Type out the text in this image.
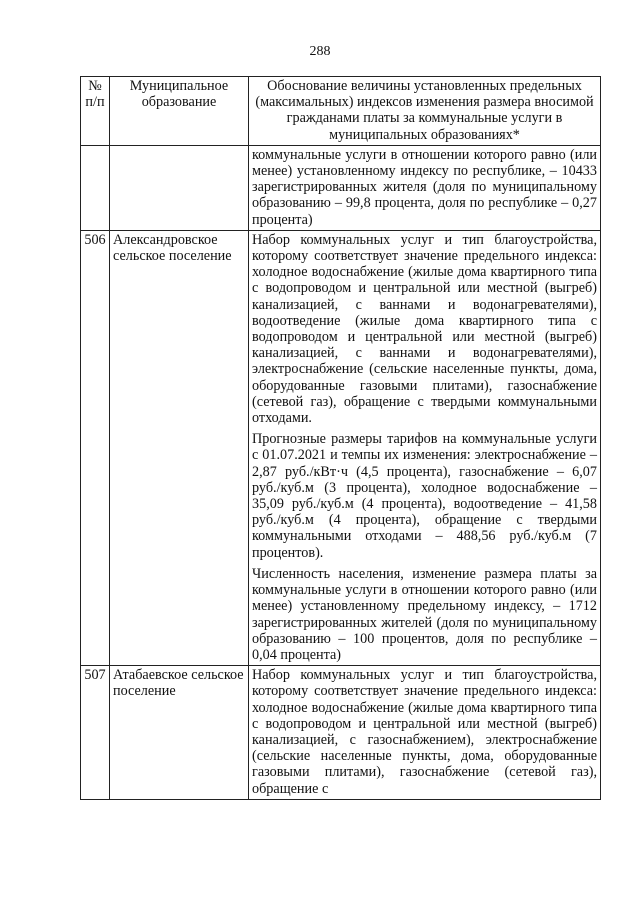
288
№ п/п	Муниципальное образование	Обоснование величины установленных предельных (максимальных) индексов изменения размера вносимой гражданами платы за коммунальные услуги в муниципальных образованиях*

		коммунальные услуги в отношении которого равно (или менее) установленному индексу по республике, – 10433 зарегистрированных жителя (доля по муниципальному образованию – 99,8 процента, доля по республике – 0,27 процента)

506	Александровское сельское поселение	Набор коммунальных услуг и тип благоустройства, которому соответствует значение предельного индекса: холодное водоснабжение (жилые дома квартирного типа с водопроводом и центральной или местной (выгреб) канализацией, с ваннами и водонагревателями), водоотведение (жилые дома квартирного типа с водопроводом и центральной или местной (выгреб) канализацией, с ваннами и водонагревателями), электроснабжение (сельские населенные пункты, дома, оборудованные газовыми плитами), газоснабжение (сетевой газ), обращение с твердыми коммунальными отходами.

Прогнозные размеры тарифов на коммунальные услуги с 01.07.2021 и темпы их изменения: электроснабжение – 2,87 руб./кВт·ч (4,5 процента), газоснабжение – 6,07 руб./куб.м (3 процента), холодное водоснабжение – 35,09 руб./куб.м (4 процента), водоотведение – 41,58 руб./куб.м (4 процента), обращение с твердыми коммунальными отходами – 488,56 руб./куб.м (7 процентов).

Численность населения, изменение размера платы за коммунальные услуги в отношении которого равно (или менее) установленному предельному индексу, – 1712 зарегистрированных жителей (доля по муниципальному образованию – 100 процентов, доля по республике – 0,04 процента)

507	Атабаевское сельское поселение	Набор коммунальных услуг и тип благоустройства, которому соответствует значение предельного индекса: холодное водоснабжение (жилые дома квартирного типа с водопроводом и центральной или местной (выгреб) канализацией, с газоснабжением), электроснабжение (сельские населенные пункты, дома, оборудованные газовыми плитами), газоснабжение (сетевой газ), обращение с
